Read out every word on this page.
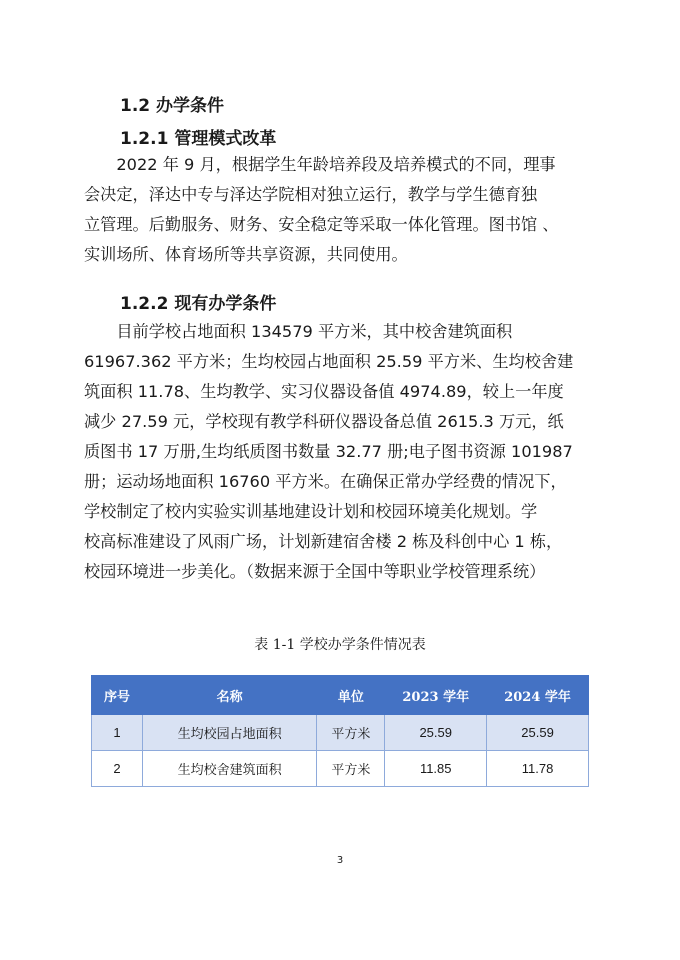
1.2 办学条件
1.2.1 管理模式改革
　　2022 年 9 月，根据学生年龄培养段及培养模式的不同，理事
会决定，泽达中专与泽达学院相对独立运行，教学与学生德育独
立管理。后勤服务、财务、安全稳定等采取一体化管理。图书馆 、
实训场所、体育场所等共享资源，共同使用。
1.2.2 现有办学条件
　　目前学校占地面积 134579 平方米，其中校舍建筑面积
61967.362 平方米；生均校园占地面积 25.59 平方米、生均校舍建
筑面积 11.78、生均教学、实习仪器设备值 4974.89，较上一年度
减少 27.59 元，学校现有教学科研仪器设备总值 2615.3 万元，纸
质图书 17 万册,生均纸质图书数量 32.77 册;电子图书资源 101987
册；运动场地面积 16760 平方米。在确保正常办学经费的情况下，
学校制定了校内实验实训基地建设计划和校园环境美化规划。学
校高标准建设了风雨广场，计划新建宿舍楼 2 栋及科创中心 1 栋，
校园环境进一步美化。（数据来源于全国中等职业学校管理系统）
表 1-1 学校办学条件情况表
序号	名称	单位	2023 学年	2024 学年
1	生均校园占地面积	平方米	25.59	25.59
2	生均校舍建筑面积	平方米	11.85	11.78
3
